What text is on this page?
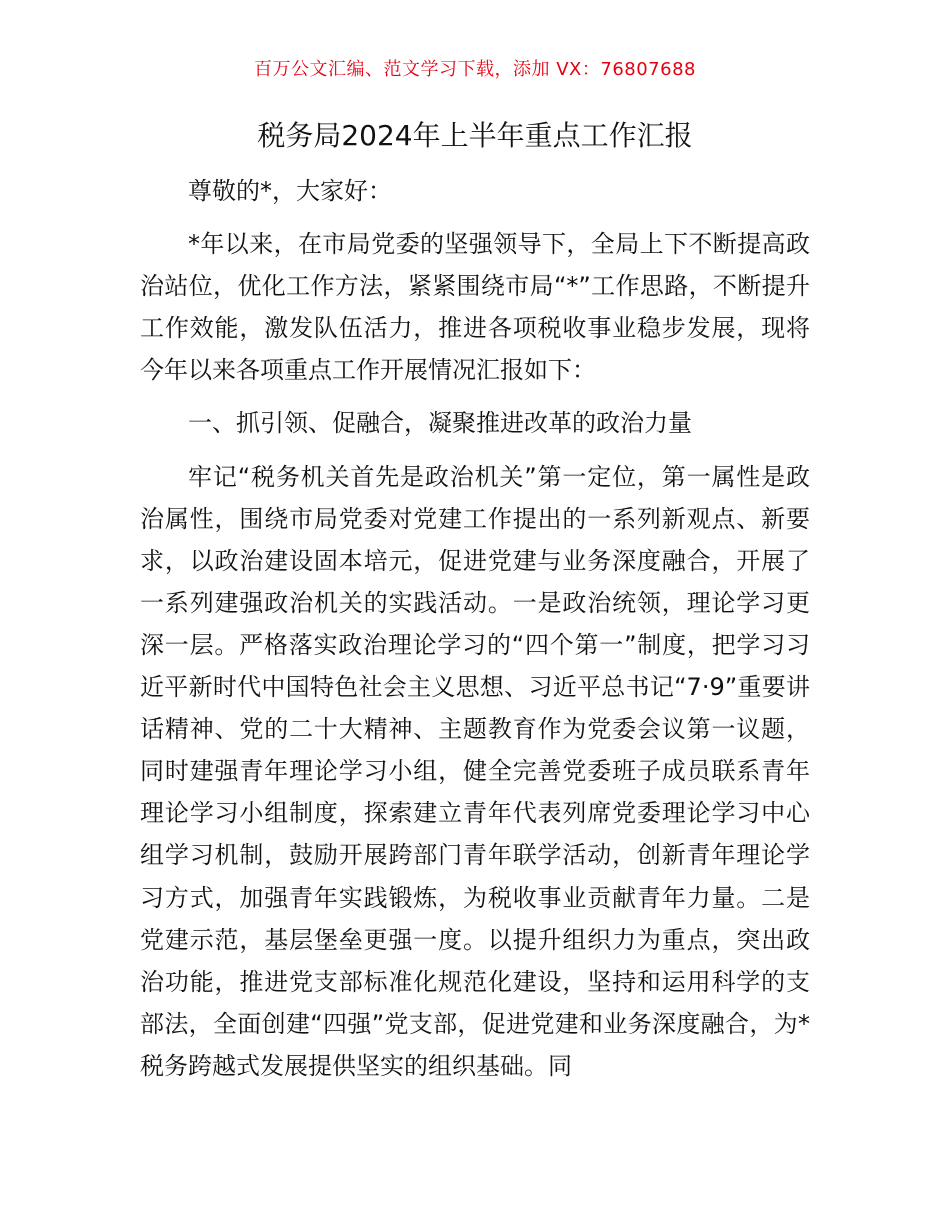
百万公文汇编、范文学习下载，添加 VX：76807688
税务局2024年上半年重点工作汇报

尊敬的*，大家好：

*年以来，在市局党委的坚强领导下，全局上下不断提高政治站位，优化工作方法，紧紧围绕市局“*”工作思路，不断提升工作效能，激发队伍活力，推进各项税收事业稳步发展，现将今年以来各项重点工作开展情况汇报如下：

一、抓引领、促融合，凝聚推进改革的政治力量

牢记“税务机关首先是政治机关”第一定位，第一属性是政治属性，围绕市局党委对党建工作提出的一系列新观点、新要求，以政治建设固本培元，促进党建与业务深度融合，开展了一系列建强政治机关的实践活动。一是政治统领，理论学习更深一层。严格落实政治理论学习的“四个第一”制度，把学习习近平新时代中国特色社会主义思想、习近平总书记“7·9”重要讲话精神、党的二十大精神、主题教育作为党委会议第一议题，同时建强青年理论学习小组，健全完善党委班子成员联系青年理论学习小组制度，探索建立青年代表列席党委理论学习中心组学习机制，鼓励开展跨部门青年联学活动，创新青年理论学习方式，加强青年实践锻炼，为税收事业贡献青年力量。二是党建示范，基层堡垒更强一度。以提升组织力为重点，突出政治功能，推进党支部标准化规范化建设，坚持和运用科学的支部法，全面创建“四强”党支部，促进党建和业务深度融合，为*税务跨越式发展提供坚实的组织基础。同
